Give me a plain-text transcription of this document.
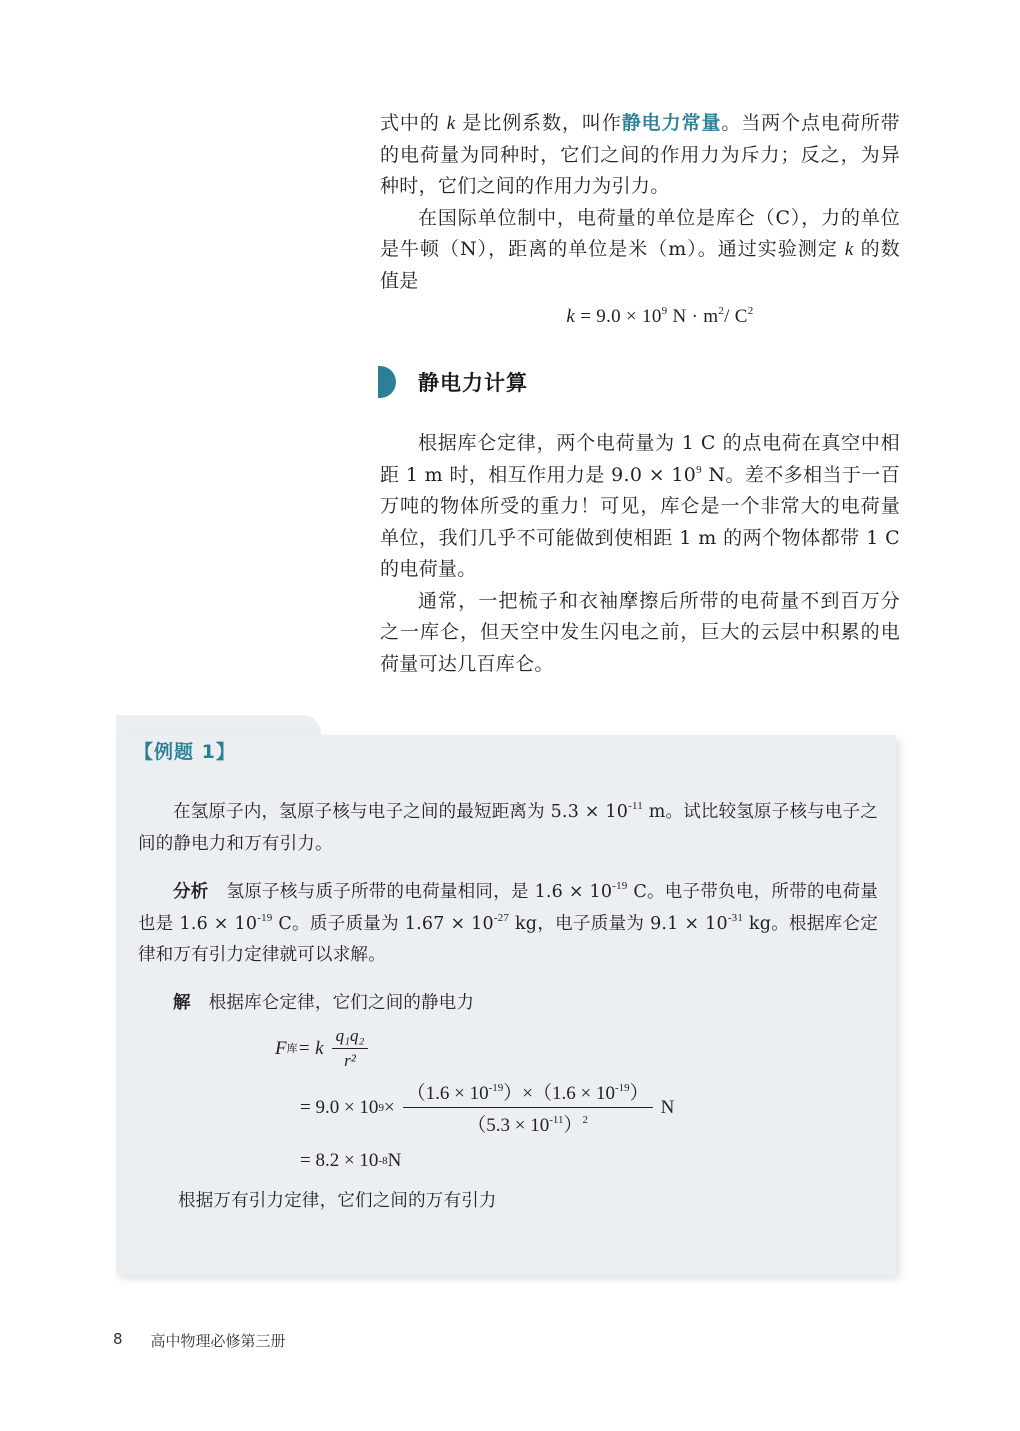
式中的 k 是比例系数，叫作静电力常量。当两个点电荷所带的电荷量为同种时，它们之间的作用力为斥力；反之，为异种时，它们之间的作用力为引力。

在国际单位制中，电荷量的单位是库仑（C），力的单位是牛顿（N），距离的单位是米（m）。通过实验测定 k 的数值是

$k = 9.0 \times 10^9$ $N \cdot m^2/$ $C^2$
静电力计算

根据库仑定律，两个电荷量为 1 C 的点电荷在真空中相距 1 m 时，相互作用力是 $9.0 \times 10^9$ N。差不多相当于一百万吨的物体所受的重力！可见，库仑是一个非常大的电荷量单位，我们几乎不可能做到使相距 1 m 的两个物体都带 1 C 的电荷量。

通常，一把梳子和衣袖摩擦后所带的电荷量不到百万分之一库仑，但天空中发生闪电之前，巨大的云层中积累的电荷量可达几百库仑。

【例题 1】
在氢原子内，氢原子核与电子之间的最短距离为 $5.3 \times 10^{-11}$ m。试比较氢原子核与电子之间的静电力和万有引力。
分析 氢原子核与质子所带的电荷量相同，是 $1.6 \times 10^{-19}$ C。电子带负电，所带的电荷量也是 $1.6 \times 10^{-19}$ C。质子质量为 $1.67 \times 10^{-27}$ kg，电子质量为 $9.1 \times 10^{-31}$ kg。根据库仑定律和万有引力定律就可以求解。
解 根据库仑定律，它们之间的静电力
F 库 = k $\frac{\text{q₁q₂}}{\text{r²}}$
= 9.0 × 10 $9 \times \frac{(1.6 \times 10^{-19})\times(1.6 \times 10^{-19})}{(5.3 \times 10^{-11})^2}$ N
= 8.2 × 10 -8 N
根据万有引力定律，它们之间的万有引力
8 高中物理必修第三册
